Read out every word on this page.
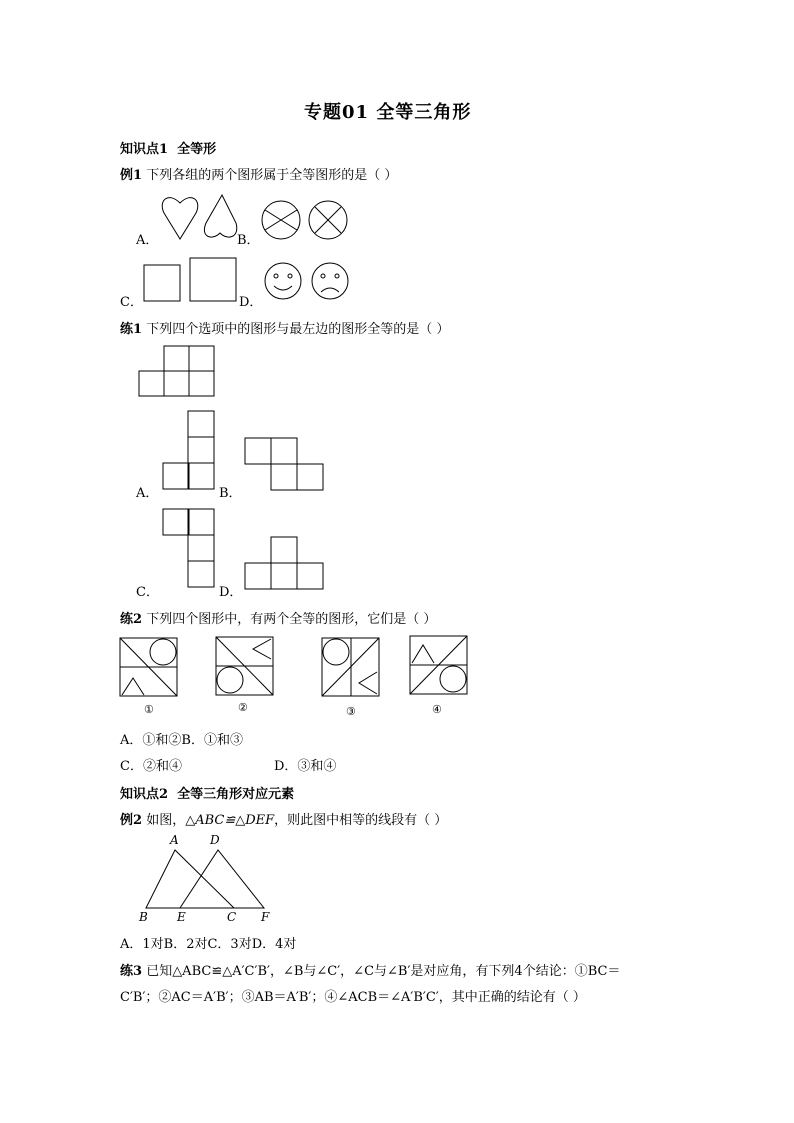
专题01 全等三角形
知识点1 全等形
例1 下列各组的两个图形属于全等图形的是（ ）
A．	B．
C．	D．
练1 下列四个选项中的图形与最左边的图形全等的是（ ）
A．	B．
C．	D．
练2 下列四个图形中，有两个全等的图形，它们是（ ）
①	②	③	④
A．①和②B．①和③
C．②和④	D．③和④
知识点2 全等三角形对应元素
例2 如图，△ABC≌△DEF，则此图中相等的线段有（ ）
A	D
B E	C F
A．1对B．2对C．3对D．4对
练3 已知△ABC≌△A′C′B′，∠B与∠C′，∠C与∠B′是对应角，有下列4个结论：①BC＝
C′B′；②AC＝A′B′；③AB＝A′B′；④∠ACB＝∠A′B′C′，其中正确的结论有（ ）
